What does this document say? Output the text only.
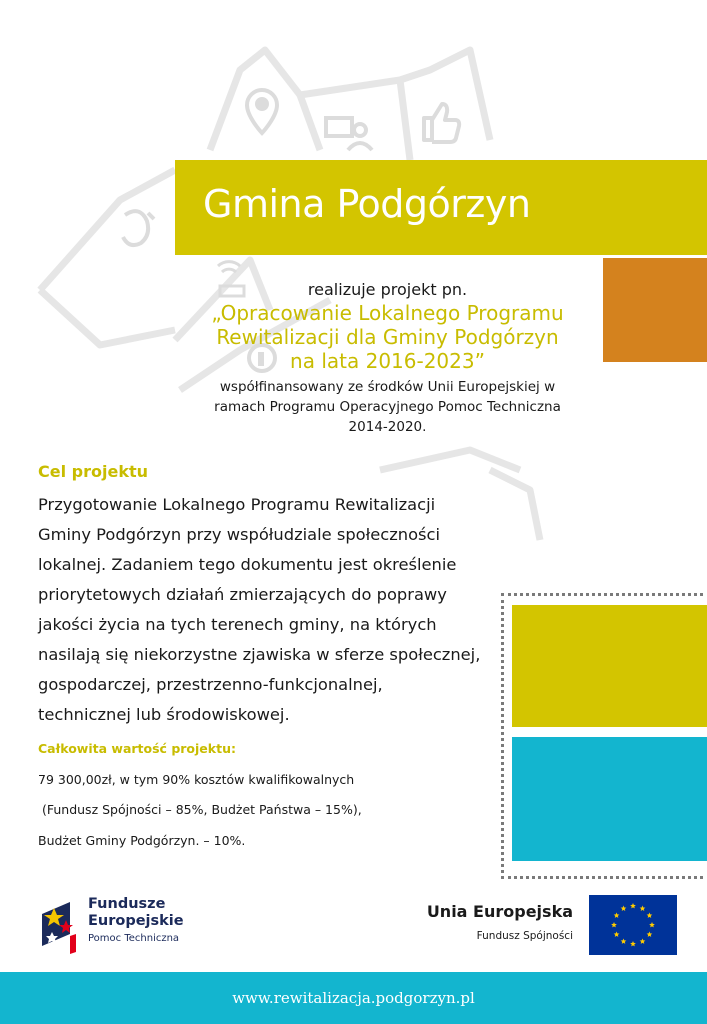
Gmina Podgórzyn

realizuje projekt pn.

„Opracowanie Lokalnego Programu
Rewitalizacji dla Gminy Podgórzyn
na lata 2016-2023”

współfinansowany ze środków Unii Europejskiej w
ramach Programu Operacyjnego Pomoc Techniczna
2014-2020.

Cel projektu

Przygotowanie Lokalnego Programu Rewitalizacji
Gminy Podgórzyn przy współudziale społeczności
lokalnej. Zadaniem tego dokumentu jest określenie
priorytetowych działań zmierzających do poprawy
jakości życia na tych terenech gminy, na których
nasilają się niekorzystne zjawiska w sferze społecznej,
gospodarczej, przestrzenno-funkcjonalnej,
technicznej lub środowiskowej.

Całkowita wartość projektu:

79 300,00zł, w tym 90% kosztów kwalifikowalnych

(Fundusz Spójności – 85%, Budżet Państwa – 15%),

Budżet Gminy Podgórzyn. – 10%.

Fundusze

Europejskie

Pomoc Techniczna

Unia Europejska

Fundusz Spójności

www.rewitalizacja.podgorzyn.pl
